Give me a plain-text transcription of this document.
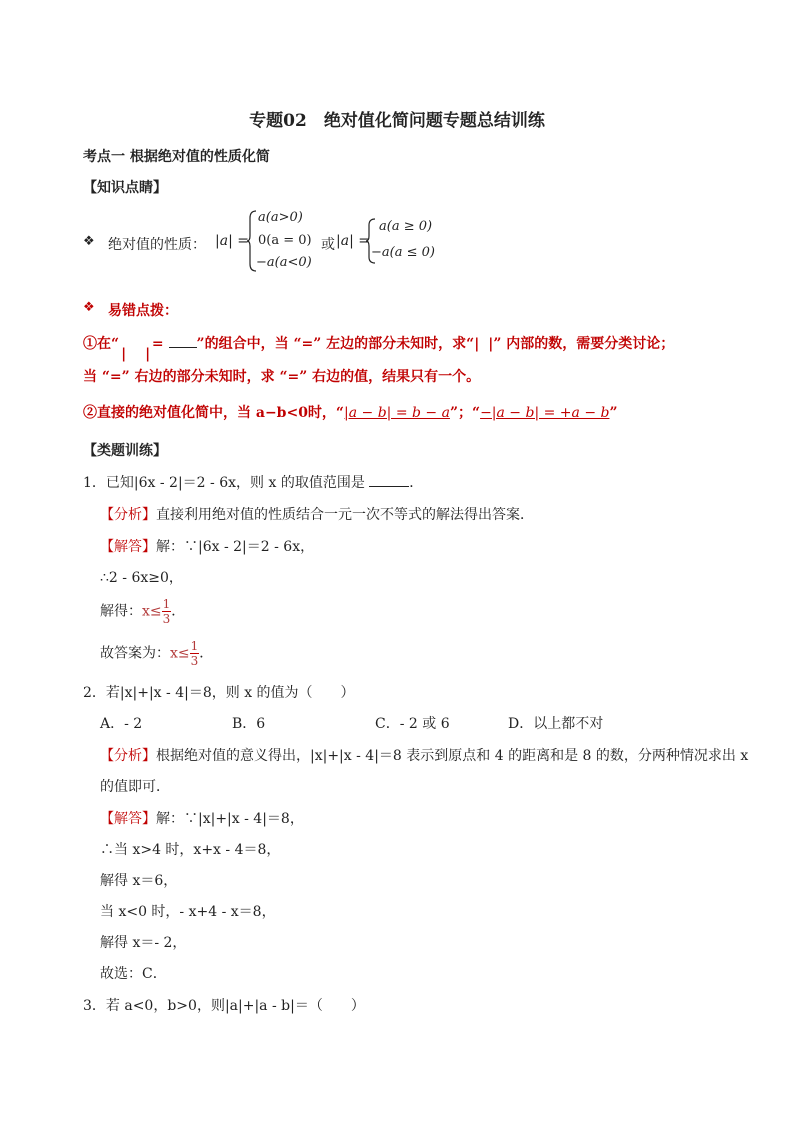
专题02　绝对值化简问题专题总结训练
考点一 根据绝对值的性质化简
【知识点睛】
❖ 绝对值的性质： |a| =
a(a>0)
0(a = 0)
−a(a<0)
或 |a| =
a(a ≥ 0)
−a(a ≤ 0)
❖ 易错点拨：
①在“
| |
= ”的组合中，当 “=” 左边的部分未知时，求“| |” 内部的数，需要分类讨论；
当 “=” 右边的部分未知时，求 “=” 右边的值，结果只有一个。
②直接的绝对值化简中，当 a−b<0时，“|a − b| = b − a”；“−|a − b| = +a − b”
【类题训练】
1．已知|6x - 2|＝2 - 6x，则 x 的取值范围是	．
【分析】直接利用绝对值的性质结合一元一次不等式的解法得出答案．
【解答】解：∵|6x - 2|＝2 - 6x，
∴2 - 6x≥0，
解得：$x\le \frac{1}{3}$ ．
故答案为：$x\le \frac{1}{3}$ ．
2．若|x|+|x - 4|＝8，则 x 的值为（　　）
A．- 2	B．6	C．- 2 或 6	D．以上都不对
【分析】根据绝对值的意义得出，|x|+|x - 4|＝8 表示到原点和 4 的距离和是 8 的数，分两种情况求出 x
的值即可．
【解答】解：∵|x|+|x - 4|＝8，
∴当 x>4 时，x+x - 4＝8，
解得 x＝6，
当 x<0 时，- x+4 - x＝8，
解得 x＝- 2，
故选：C．
3．若 a<0，b>0，则|a|+|a - b|＝（　　）
